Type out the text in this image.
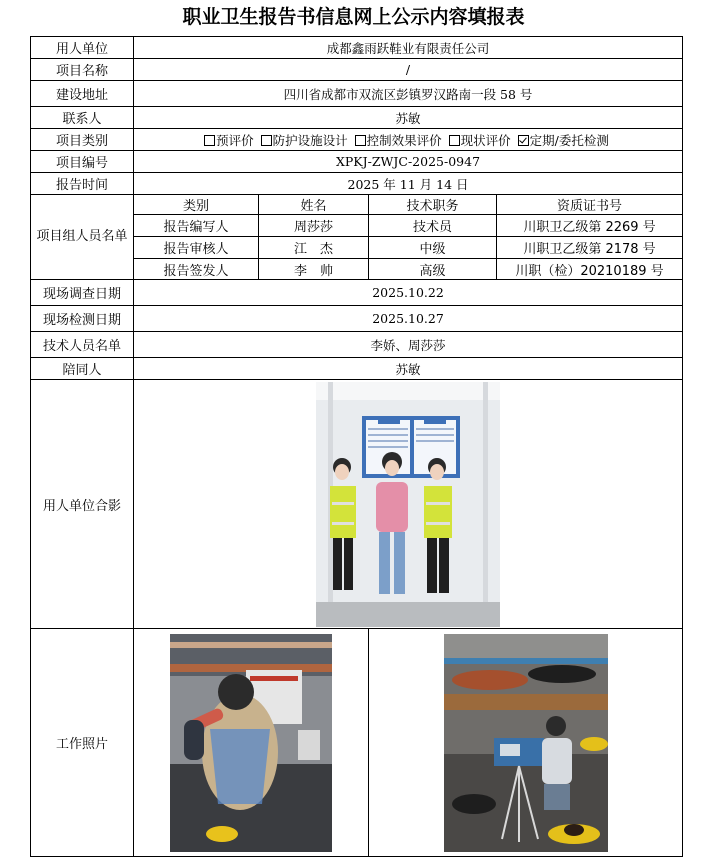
职业卫生报告书信息网上公示内容填报表
用人单位	成都鑫雨跃鞋业有限责任公司			
项目名称	/			
建设地址	四川省成都市双流区彭镇罗汉路南一段 58 号			
联系人	苏敏			
项目类别	预评价 防护设施设计 控制效果评价 现状评价 定期/委托检测			
项目编号	XPKJ-ZWJC-2025-0947			
报告时间	2025 年 11 月 14 日			
项目组人员名单	类别	姓名	技术职务	资质证书号
	报告编写人	周莎莎	技术员	川职卫乙级第 2269 号
	报告审核人	江　杰	中级	川职卫乙级第 2178 号
	报告签发人	李　帅	高级	川职（检）20210189 号
现场调查日期	2025.10.22			
现场检测日期	2025.10.27			
技术人员名单	李娇、周莎莎			
陪同人	苏敏			
用人单位合影	

工作照片	
